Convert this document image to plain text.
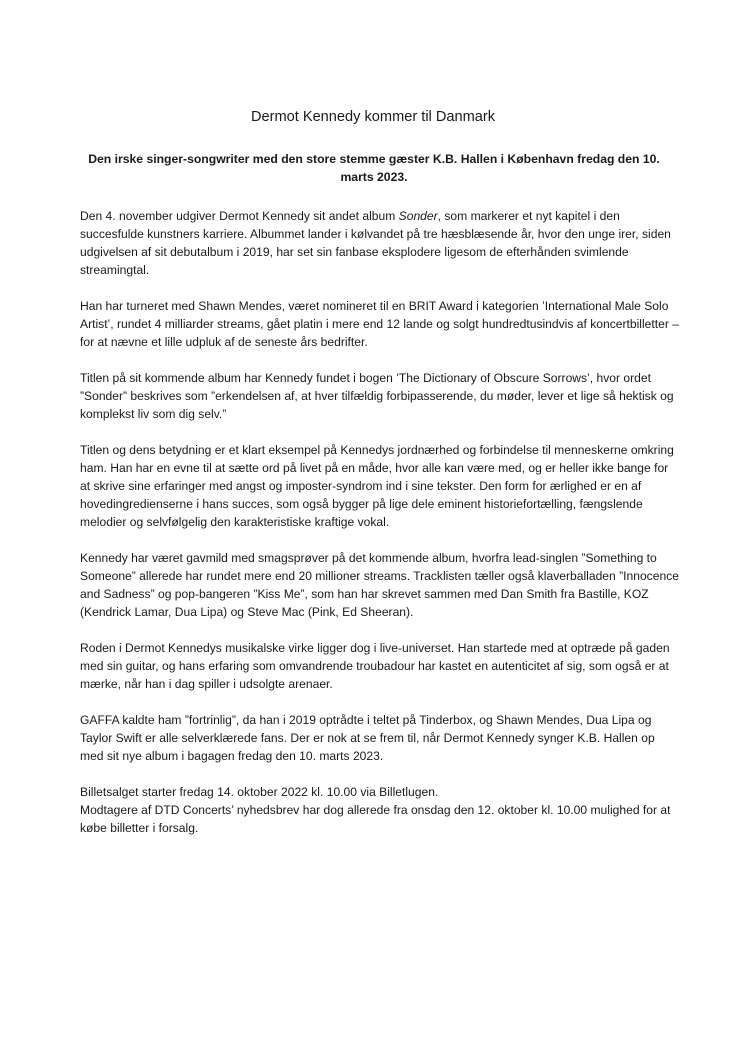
Dermot Kennedy kommer til Danmark

Den irske singer-songwriter med den store stemme gæster K.B. Hallen i København fredag den 10. marts 2023.

Den 4. november udgiver Dermot Kennedy sit andet album Sonder, som markerer et nyt kapitel i den succesfulde kunstners karriere. Albummet lander i kølvandet på tre hæsblæsende år, hvor den unge irer, siden udgivelsen af sit debutalbum i 2019, har set sin fanbase eksplodere ligesom de efterhånden svimlende streamingtal.

Han har turneret med Shawn Mendes, været nomineret til en BRIT Award i kategorien ’International Male Solo Artist’, rundet 4 milliarder streams, gået platin i mere end 12 lande og solgt hundredtusindvis af koncertbilletter – for at nævne et lille udpluk af de seneste års bedrifter.

Titlen på sit kommende album har Kennedy fundet i bogen ’The Dictionary of Obscure Sorrows’, hvor ordet ”Sonder” beskrives som ”erkendelsen af, at hver tilfældig forbipasserende, du møder, lever et lige så hektisk og komplekst liv som dig selv.”

Titlen og dens betydning er et klart eksempel på Kennedys jordnærhed og forbindelse til menneskerne omkring ham. Han har en evne til at sætte ord på livet på en måde, hvor alle kan være med, og er heller ikke bange for at skrive sine erfaringer med angst og imposter-syndrom ind i sine tekster. Den form for ærlighed er en af hovedingredienserne i hans succes, som også bygger på lige dele eminent historiefortælling, fængslende melodier og selvfølgelig den karakteristiske kraftige vokal.

Kennedy har været gavmild med smagsprøver på det kommende album, hvorfra lead-singlen ”Something to Someone” allerede har rundet mere end 20 millioner streams. Tracklisten tæller også klaverballaden ”Innocence and Sadness” og pop-bangeren ”Kiss Me”, som han har skrevet sammen med Dan Smith fra Bastille, KOZ (Kendrick Lamar, Dua Lipa) og Steve Mac (Pink, Ed Sheeran).

Roden i Dermot Kennedys musikalske virke ligger dog i live-universet. Han startede med at optræde på gaden med sin guitar, og hans erfaring som omvandrende troubadour har kastet en autenticitet af sig, som også er at mærke, når han i dag spiller i udsolgte arenaer.

GAFFA kaldte ham ”fortrinlig”, da han i 2019 optrådte i teltet på Tinderbox, og Shawn Mendes, Dua Lipa og Taylor Swift er alle selverklærede fans. Der er nok at se frem til, når Dermot Kennedy synger K.B. Hallen op med sit nye album i bagagen fredag den 10. marts 2023.

Billetsalget starter fredag 14. oktober 2022 kl. 10.00 via Billetlugen.

Modtagere af DTD Concerts’ nyhedsbrev har dog allerede fra onsdag den 12. oktober kl. 10.00 mulighed for at købe billetter i forsalg.
